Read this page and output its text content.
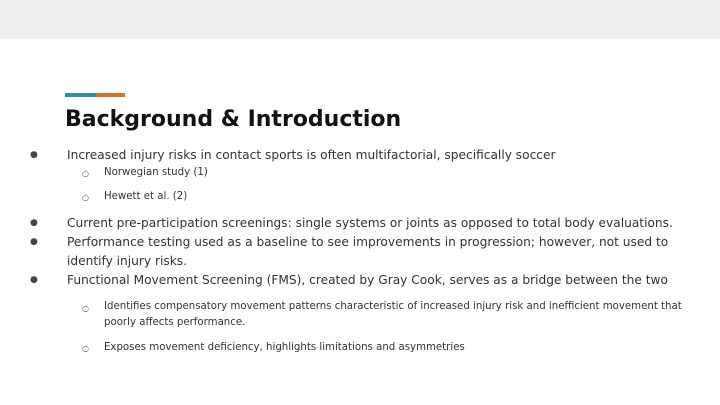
Background & Introduction
● Increased injury risks in contact sports is often multifactorial, specifically soccer
○ Norwegian study (1)
○ Hewett et al. (2)
● Current pre-participation screenings: single systems or joints as opposed to total body evaluations.
● Performance testing used as a baseline to see improvements in progression; however, not used to identify injury risks.
● Functional Movement Screening (FMS), created by Gray Cook, serves as a bridge between the two
○ Identifies compensatory movement patterns characteristic of increased injury risk and inefficient movement that poorly affects performance.
○ Exposes movement deficiency, highlights limitations and asymmetries
